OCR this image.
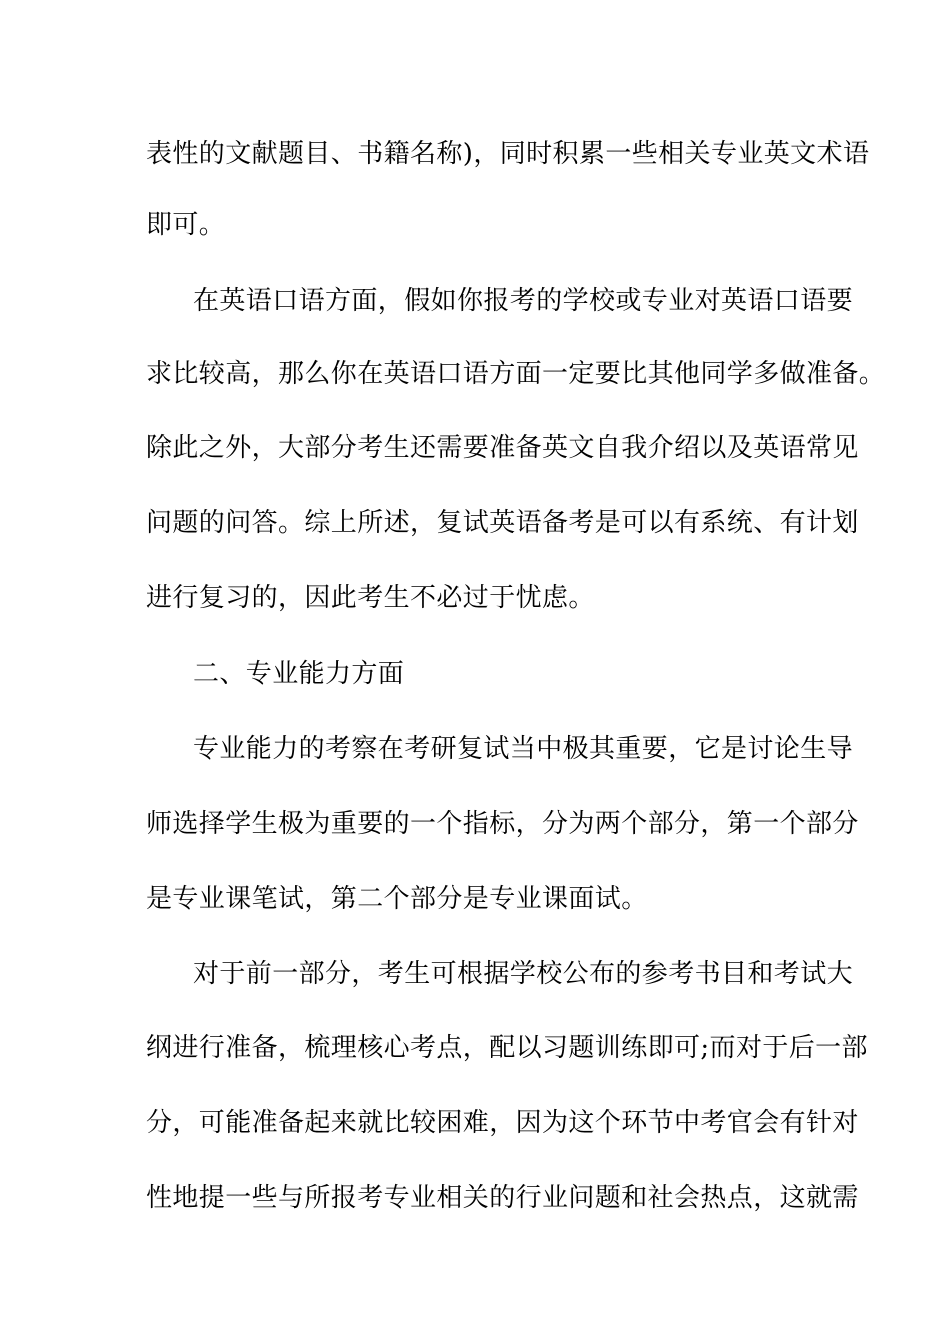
表性的文献题目、书籍名称)，同时积累一些相关专业英文术语
即可。
在英语口语方面，假如你报考的学校或专业对英语口语要
求比较高，那么你在英语口语方面一定要比其他同学多做准备。
除此之外，大部分考生还需要准备英文自我介绍以及英语常见
问题的问答。综上所述，复试英语备考是可以有系统、有计划
进行复习的，因此考生不必过于忧虑。
二、专业能力方面
专业能力的考察在考研复试当中极其重要，它是讨论生导
师选择学生极为重要的一个指标，分为两个部分，第一个部分
是专业课笔试，第二个部分是专业课面试。
对于前一部分，考生可根据学校公布的参考书目和考试大
纲进行准备，梳理核心考点，配以习题训练即可;而对于后一部
分，可能准备起来就比较困难，因为这个环节中考官会有针对
性地提一些与所报考专业相关的行业问题和社会热点，这就需
